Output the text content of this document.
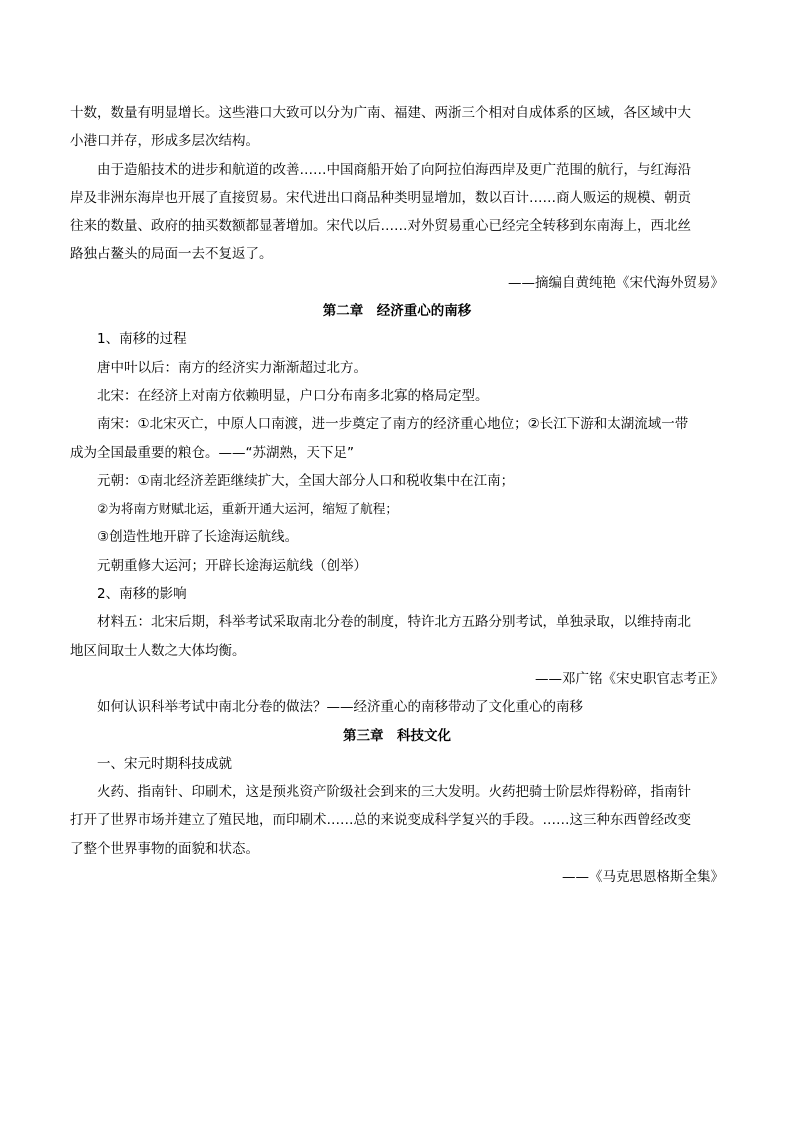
十数，数量有明显增长。这些港口大致可以分为广南、福建、两浙三个相对自成体系的区域，各区域中大

小港口并存，形成多层次结构。

由于造船技术的进步和航道的改善……中国商船开始了向阿拉伯海西岸及更广范围的航行，与红海沿

岸及非洲东海岸也开展了直接贸易。宋代进出口商品种类明显增加，数以百计……商人贩运的规模、朝贡

往来的数量、政府的抽买数额都显著增加。宋代以后……对外贸易重心已经完全转移到东南海上，西北丝

路独占鳌头的局面一去不复返了。

——摘编自黄纯艳《宋代海外贸易》

第二章　经济重心的南移

1、南移的过程

唐中叶以后：南方的经济实力渐渐超过北方。

北宋：在经济上对南方依赖明显，户口分布南多北寡的格局定型。

南宋：①北宋灭亡，中原人口南渡，进一步奠定了南方的经济重心地位；②长江下游和太湖流域一带

成为全国最重要的粮仓。——“苏湖熟，天下足”

元朝：①南北经济差距继续扩大，全国大部分人口和税收集中在江南；

②为将南方财赋北运，重新开通大运河，缩短了航程；

③创造性地开辟了长途海运航线。

元朝重修大运河；开辟长途海运航线（创举）

2、南移的影响

材料五：北宋后期，科举考试采取南北分卷的制度，特许北方五路分别考试，单独录取，以维持南北

地区间取士人数之大体均衡。

——邓广铭《宋史职官志考正》

如何认识科举考试中南北分卷的做法？——经济重心的南移带动了文化重心的南移

第三章　科技文化

一、宋元时期科技成就

火药、指南针、印刷术，这是预兆资产阶级社会到来的三大发明。火药把骑士阶层炸得粉碎，指南针

打开了世界市场并建立了殖民地，而印刷术……总的来说变成科学复兴的手段。……这三种东西曾经改变

了整个世界事物的面貌和状态。

——《马克思恩格斯全集》
